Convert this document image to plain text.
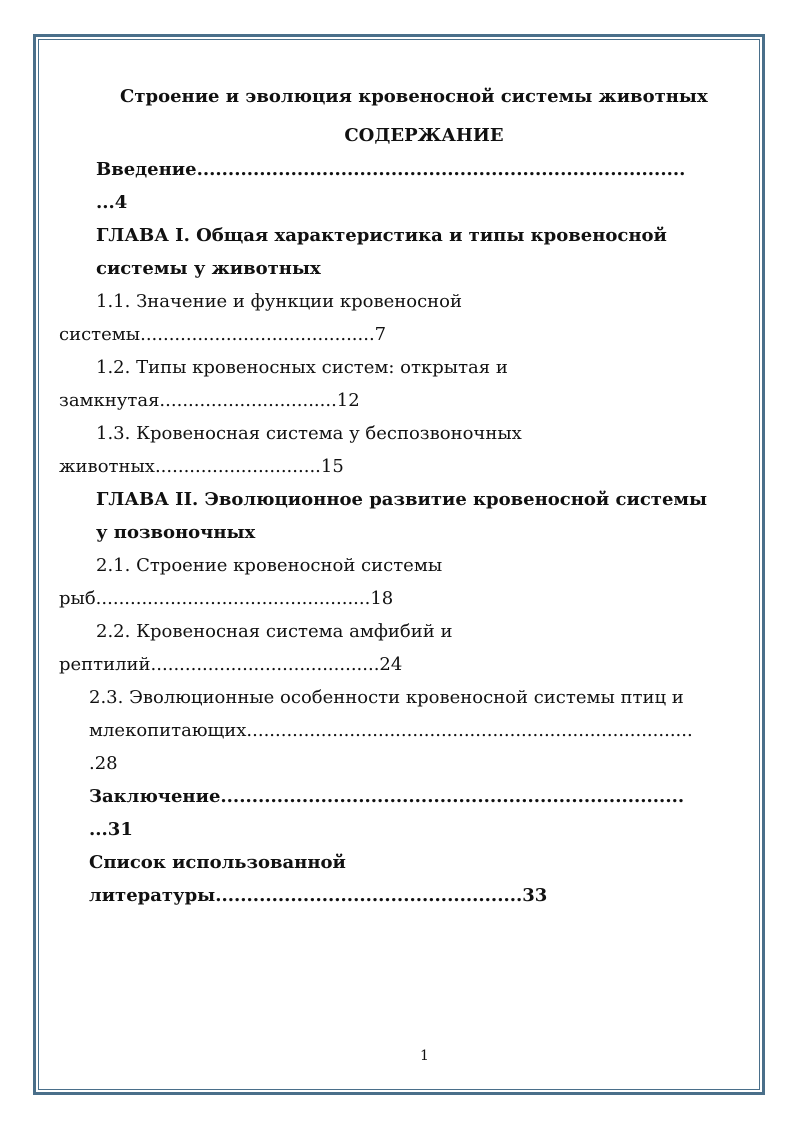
Строение и эволюция кровеносной системы животных
СОДЕРЖАНИЕ
Введение..............................................................................
...4
ГЛАВА I. Общая характеристика и типы кровеносной
системы у животных
1.1. Значение и функции кровеносной
системы.........................................7
1.2. Типы кровеносных систем: открытая и
замкнутая...............................12
1.3. Кровеносная система у беспозвоночных
животных.............................15
ГЛАВА II. Эволюционное развитие кровеносной системы
у позвоночных
2.1. Строение кровеносной системы
рыб................................................18
2.2. Кровеносная система амфибий и
рептилий........................................24
2.3. Эволюционные особенности кровеносной системы птиц и
млекопитающих..............................................................................
.28
Заключение..........................................................................
...31
Список использованной
литературы.................................................33
1
